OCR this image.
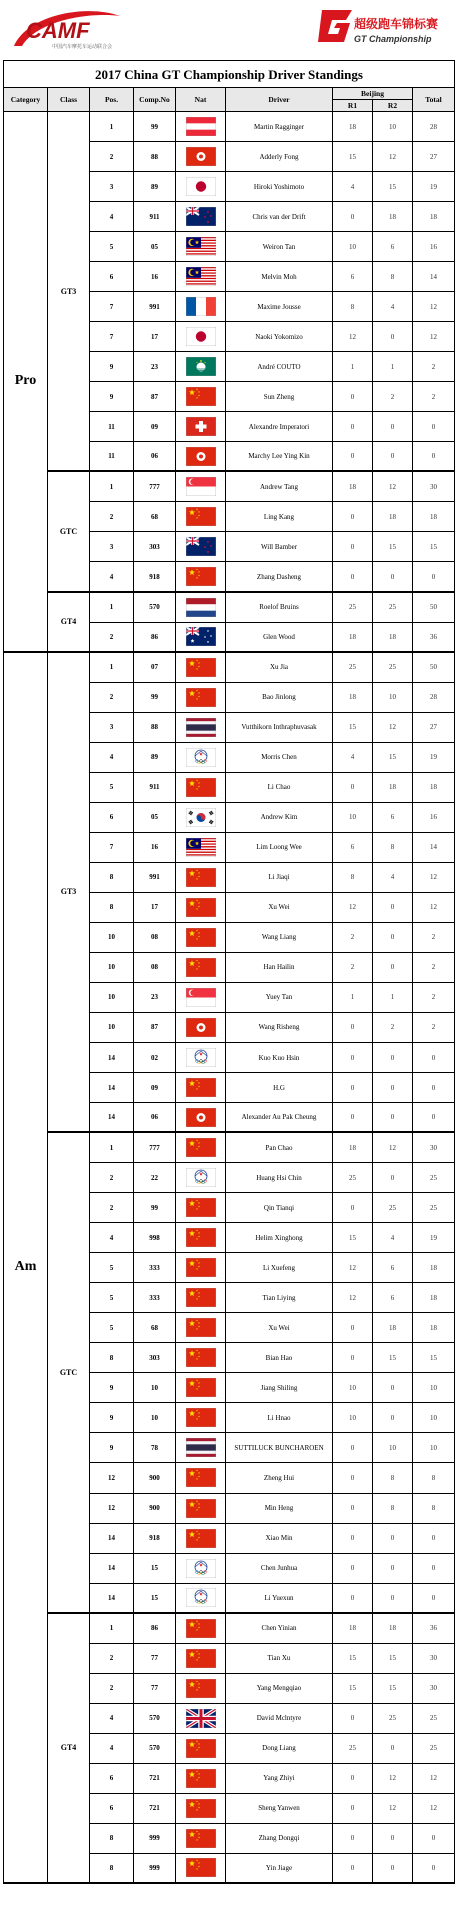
CAMF
中国汽车摩托车运动联合会
超级跑车锦标赛
GT Championship
2017 China GT Championship Driver Standings
Category	Class	Pos.	Comp.No	Nat	Driver
Beijing
R1	R2
Total
1	99	Martin Ragginger	18	10	28
2	88	Adderly Fong	15	12	27
3	89	Hiroki Yoshimoto	4	15	19
4	911	Chris van der Drift	0	18	18
5	05	Weiron Tan	10	6	16
6	16	Melvin Moh	6	8	14
7	991	Maxime Jousse	8	4	12
7	17	Naoki Yokomizo	12	0	12
9	23	André COUTO	1	1	2
9	87	Sun Zheng	0	2	2
11	09	Alexandre Imperatori	0	0	0
11	06	Marchy Lee Ying Kin	0	0	0
GT3
1	777	Andrew Tang	18	12	30
2	68	Ling Kang	0	18	18
3	303	Will Bamber	0	15	15
4	918	Zhang Dasheng	0	0	0
GTC
1	570	Roelof Bruins	25	25	50
2	86	Glen Wood	18	18	36
GT4
Pro
1	07	Xu Jia	25	25	50
2	99	Bao Jinlong	18	10	28
3	88	Vutthikorn Inthraphuvasak	15	12	27
4	89	Morris Chen	4	15	19
5	911	Li Chao	0	18	18
6	05	Andrew Kim	10	6	16
7	16	Lim Loong Wee	6	8	14
8	991	Li Jiaqi	8	4	12
8	17	Xu Wei	12	0	12
10	08	Wang Liang	2	0	2
10	08	Han Hailin	2	0	2
10	23	Yuey Tan	1	1	2
10	87	Wang Risheng	0	2	2
14	02	Kuo Kuo Hsin	0	0	0
14	09	H.G	0	0	0
14	06	Alexander Au Pak Cheung	0	0	0
GT3
1	777	Pan Chao	18	12	30
2	22	Huang Hsi Chin	25	0	25
2	99	Qin Tianqi	0	25	25
4	998	Helim Xinghong	15	4	19
5	333	Li Xuefeng	12	6	18
5	333	Tian Liying	12	6	18
5	68	Xu Wei	0	18	18
8	303	Bian Hao	0	15	15
9	10	Jiang Shiling	10	0	10
9	10	Li Hnao	10	0	10
9	78	SUTTILUCK BUNCHAROEN	0	10	10
12	900	Zheng Hui	0	8	8
12	900	Min Heng	0	8	8
14	918	Xiao Min	0	0	0
14	15	Chen Junhua	0	0	0
14	15	Li Yuexun	0	0	0
GTC
1	86	Chen Yinian	18	18	36
2	77	Tian Xu	15	15	30
2	77	Yang Mengqiao	15	15	30
4	570	David Mclntyre	0	25	25
4	570	Dong Liang	25	0	25
6	721	Yang Zhiyi	0	12	12
6	721	Sheng Yanwen	0	12	12
8	999	Zhang Dongqi	0	0	0
8	999	Yin Jiage	0	0	0
GT4
Am
